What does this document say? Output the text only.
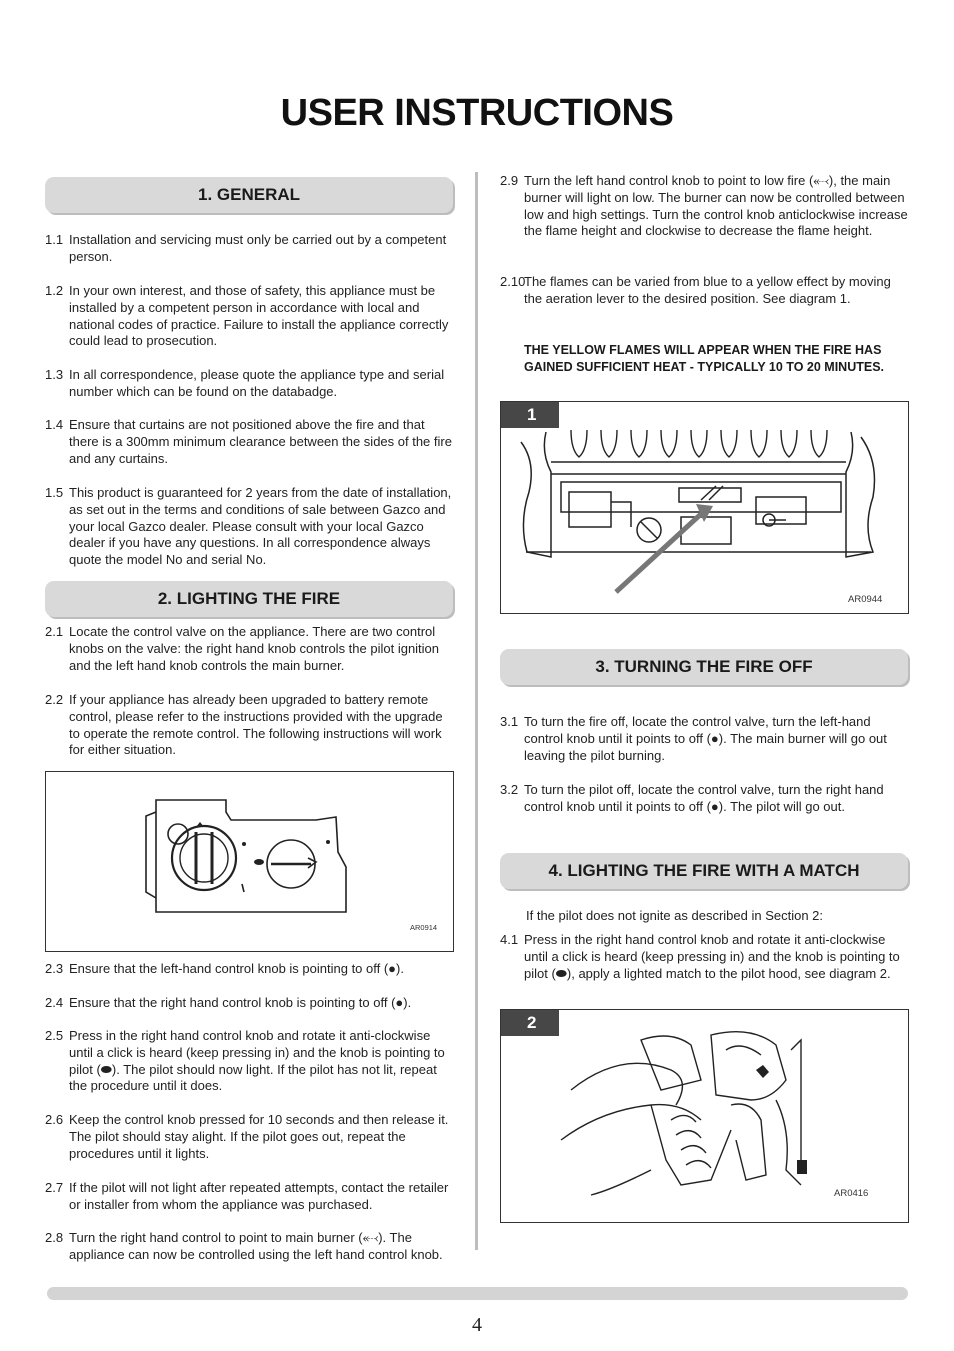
USER INSTRUCTIONS
1. GENERAL
1.1 Installation and servicing must only be carried out by a competent person.
1.2 In your own interest, and those of safety, this appliance must be installed by a competent person in accordance with local and national codes of practice. Failure to install the appliance correctly could lead to prosecution.
1.3 In all correspondence, please quote the appliance type and serial number which can be found on the databadge.
1.4 Ensure that curtains are not positioned above the fire and that there is a 300mm minimum clearance between the sides of the fire and any curtains.
1.5 This product is guaranteed for 2 years from the date of installation, as set out in the terms and conditions of sale between Gazco and your local Gazco dealer. Please consult with your local Gazco dealer if you have any questions. In all correspondence always quote the model No and serial No.
2. LIGHTING THE FIRE
2.1 Locate the control valve on the appliance. There are two control knobs on the valve: the right hand knob controls the pilot ignition and the left hand knob controls the main burner.
2.2 If your appliance has already been upgraded to battery remote control, please refer to the instructions provided with the upgrade to operate the remote control. The following instructions will work for either situation.
AR0914
2.3 Ensure that the left-hand control knob is pointing to off (●).
2.4 Ensure that the right hand control knob is pointing to off (●).
2.5 Press in the right hand control knob and rotate it anti-clockwise until a click is heard (keep pressing in) and the knob is pointing to pilot (⬬). The pilot should now light. If the pilot has not lit, repeat the procedure until it does.
2.6 Keep the control knob pressed for 10 seconds and then release it. The pilot should stay alight. If the pilot goes out, repeat the procedures until it lights.
2.7 If the pilot will not light after repeated attempts, contact the retailer or installer from whom the appliance was purchased.
2.8 Turn the right hand control to point to main burner (⬷). The appliance can now be controlled using the left hand control knob.
2.9 Turn the left hand control knob to point to low fire (⬷), the main burner will light on low. The burner can now be controlled between low and high settings. Turn the control knob anticlockwise increase the flame height and clockwise to decrease the flame height.
2.10
The flames can be varied from blue to a yellow effect by moving the aeration lever to the desired position. See diagram 1.
THE YELLOW FLAMES WILL APPEAR WHEN THE FIRE HAS GAINED SUFFICIENT HEAT - TYPICALLY 10 TO 20 MINUTES.
1
AR0944
3. TURNING THE FIRE OFF
3.1 To turn the fire off, locate the control valve, turn the left-hand control knob until it points to off (●). The main burner will go out leaving the pilot burning.
3.2 To turn the pilot off, locate the control valve, turn the right hand control knob until it points to off (●). The pilot will go out.
4. LIGHTING THE FIRE WITH A MATCH
If the pilot does not ignite as described in Section 2:
4.1 Press in the right hand control knob and rotate it anti-clockwise until a click is heard (keep pressing in) and the knob is pointing to pilot (⬬), apply a lighted match to the pilot hood, see diagram 2.
2
AR0416
4
